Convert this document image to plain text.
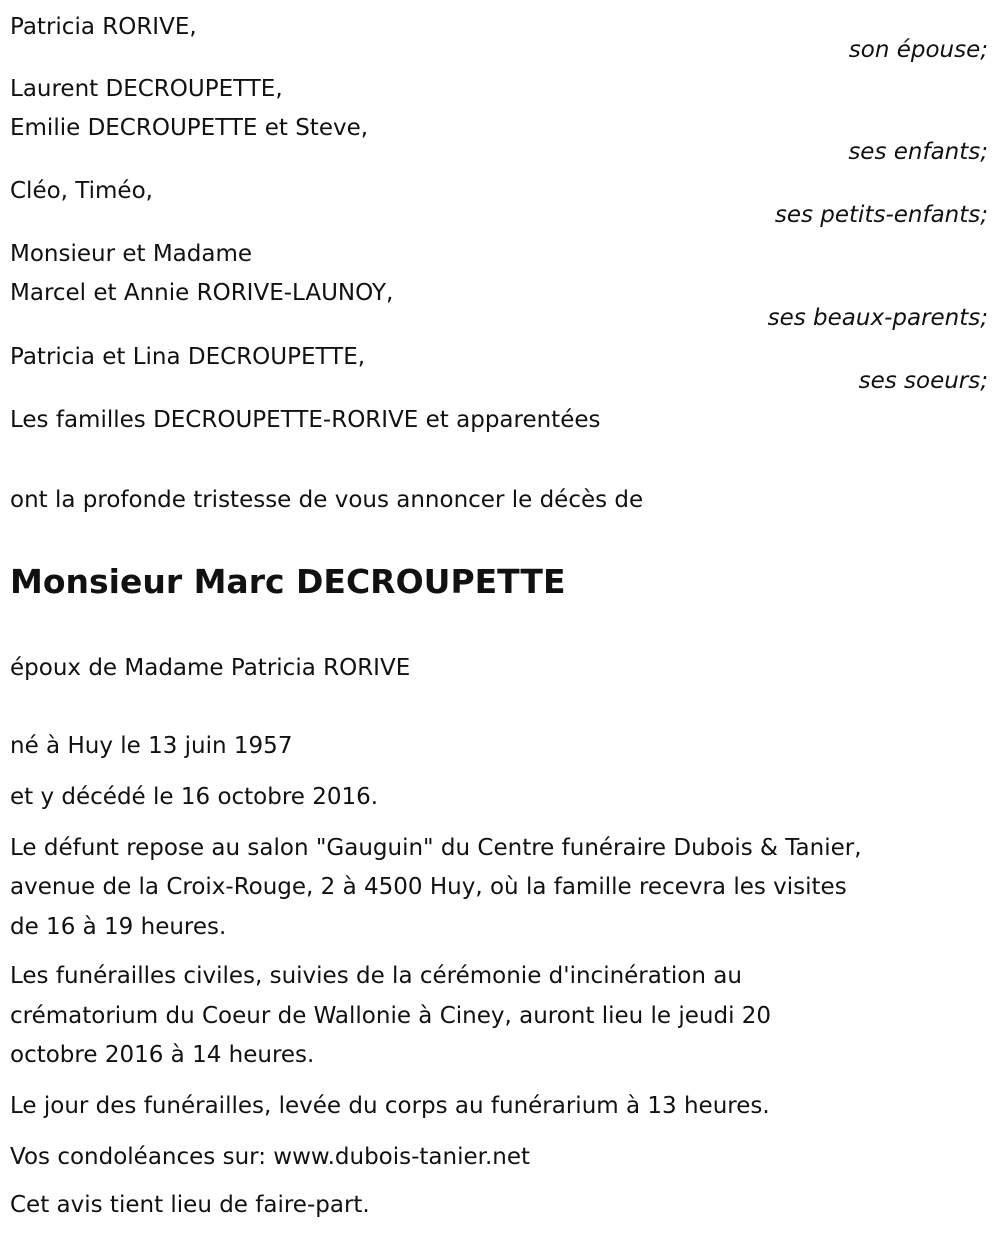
Patricia RORIVE,
son épouse;
Laurent DECROUPETTE,
Emilie DECROUPETTE et Steve,
ses enfants;
Cléo, Timéo,
ses petits-enfants;
Monsieur et Madame
Marcel et Annie RORIVE-LAUNOY,
ses beaux-parents;
Patricia et Lina DECROUPETTE,
ses soeurs;
Les familles DECROUPETTE-RORIVE et apparentées
ont la profonde tristesse de vous annoncer le décès de
Monsieur Marc DECROUPETTE
époux de Madame Patricia RORIVE
né à Huy le 13 juin 1957
et y décédé le 16 octobre 2016.
Le défunt repose au salon "Gauguin" du Centre funéraire Dubois & Tanier,
avenue de la Croix-Rouge, 2 à 4500 Huy, où la famille recevra les visites
de 16 à 19 heures.
Les funérailles civiles, suivies de la cérémonie d'incinération au
crématorium du Coeur de Wallonie à Ciney, auront lieu le jeudi 20
octobre 2016 à 14 heures.
Le jour des funérailles, levée du corps au funérarium à 13 heures.
Vos condoléances sur: www.dubois-tanier.net
Cet avis tient lieu de faire-part.
